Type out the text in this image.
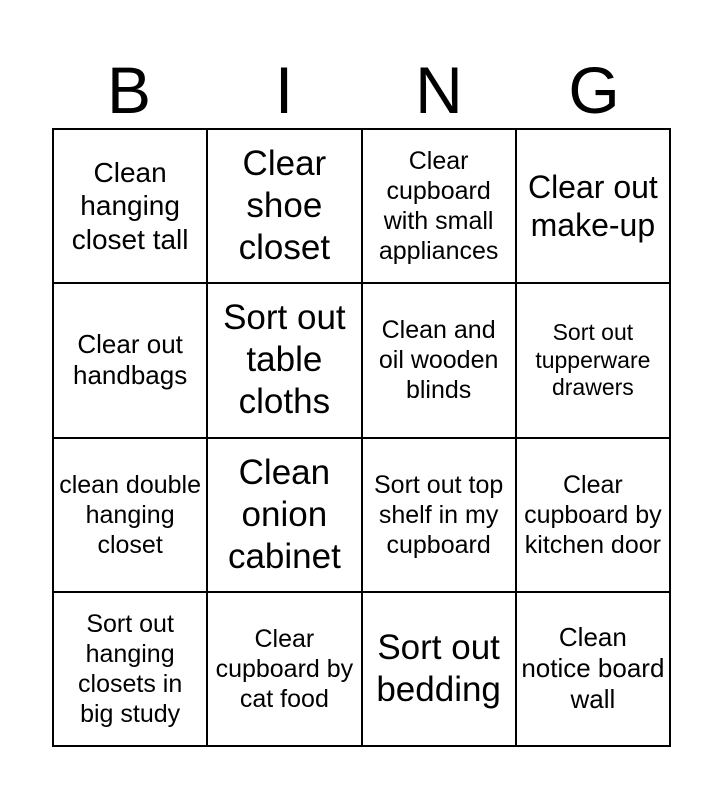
B	I	N	G
Clean hanging closet tall
Clear shoe closet
Clear cupboard with small appliances
Clear out make-up
Clear out handbags
Sort out table cloths
Clean and oil wooden blinds
Sort out tupperware drawers
clean double hanging closet
Clean onion cabinet
Sort out top shelf in my cupboard
Clear cupboard by kitchen door
Sort out hanging closets in big study
Clear cupboard by cat food
Sort out bedding
Clean notice board wall
